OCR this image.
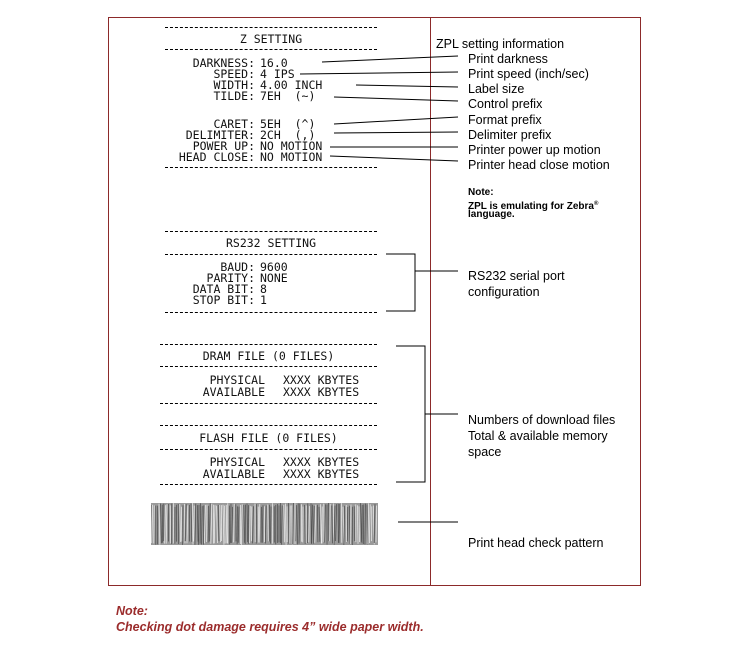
Z SETTING
DARKNESS: 16.0
SPEED: 4 IPS
WIDTH: 4.00 INCH
TILDE: 7EH  (~)
CARET: 5EH  (^)
DELIMITER: 2CH  (,)
POWER UP: NO MOTION
HEAD CLOSE: NO MOTION
RS232 SETTING
BAUD: 9600
PARITY: NONE
DATA BIT: 8
STOP BIT: 1
DRAM FILE (0 FILES)
PHYSICAL XXXX KBYTES
AVAILABLE XXXX KBYTES
FLASH FILE (0 FILES)
PHYSICAL XXXX KBYTES
AVAILABLE XXXX KBYTES
ZPL setting information
Print darkness
Print speed (inch/sec)
Label size
Control prefix
Format prefix
Delimiter prefix
Printer power up motion
Printer head close motion
Note:
ZPL is emulating for Zebra®
language.
RS232 serial port
configuration
Numbers of download files
Total & available memory
space
Print head check pattern
Note:
Checking dot damage requires 4” wide paper width.
